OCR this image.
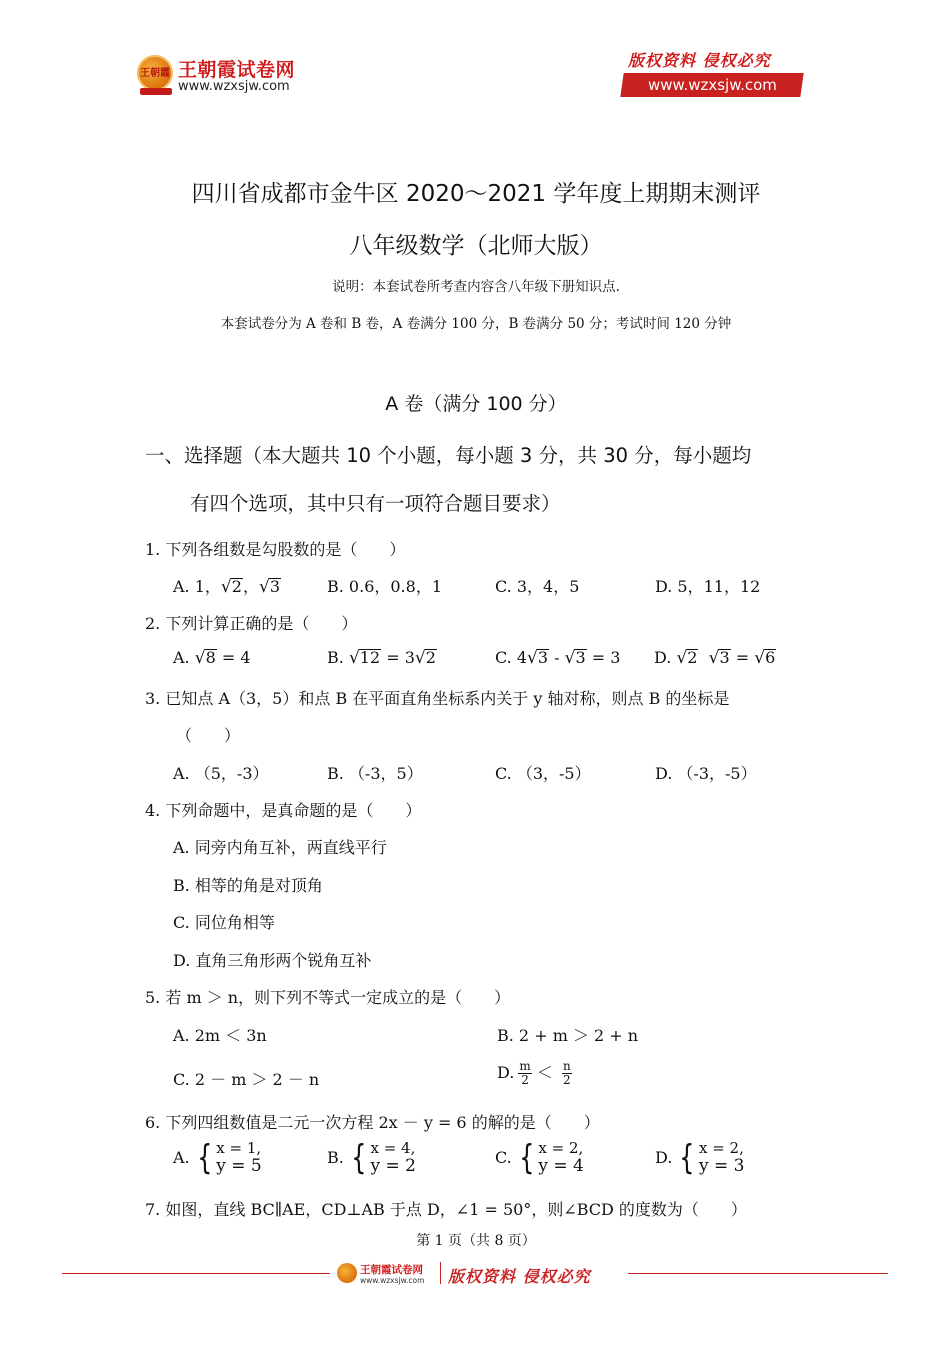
王朝霞 王朝霞试卷网
www.wzxsjw.com
版权资料 侵权必究
www.wzxsjw.com
四川省成都市金牛区 2020～2021 学年度上期期末测评
八年级数学（北师大版）
说明：本套试卷所考查内容含八年级下册知识点.
本套试卷分为 A 卷和 B 卷，A 卷满分 100 分，B 卷满分 50 分；考试时间 120 分钟
A 卷（满分 100 分）
一、选择题（本大题共 10 个小题，每小题 3 分，共 30 分，每小题均
有四个选项，其中只有一项符合题目要求）
1. 下列各组数是勾股数的是（　　）
A. 1，√2，√3	B. 0.6，0.8，1	C. 3，4，5	D. 5，11，12
2. 下列计算正确的是（　　）
A. √8 = 4	B. √12 = 3√2	C. 4√3 - √3 = 3 D. √2 √3 = √6
3. 已知点 A（3，5）和点 B 在平面直角坐标系内关于 y 轴对称，则点 B 的坐标是
（　　）
A. （5，-3）	B. （-3，5）	C. （3，-5）	D. （-3，-5）
4. 下列命题中，是真命题的是（　　）
A. 同旁内角互补，两直线平行
B. 相等的角是对顶角
C. 同位角相等
D. 直角三角形两个锐角互补
5. 若 m ＞ n，则下列不等式一定成立的是（　　）
A. 2m ＜ 3n	B. 2 + m ＞ 2 + n
C. 2 － m ＞ 2 － n	D. $\frac{m}{2} < \frac{n}{2}$
6. 下列四组数值是二元一次方程 2x － y = 6 的解的是（　　）
A. { x = 1,
y = 5	B. { x = 4,
y = 2	C. { x = 2,
y = 4	D. { x = 2,
y = 3
7. 如图，直线 BC∥AE，CD⊥AB 于点 D，∠1 = 50°，则∠BCD 的度数为（　　）
第 1 页（共 8 页）
王朝霞试卷网
www.wzxsjw.com 版权资料 侵权必究
